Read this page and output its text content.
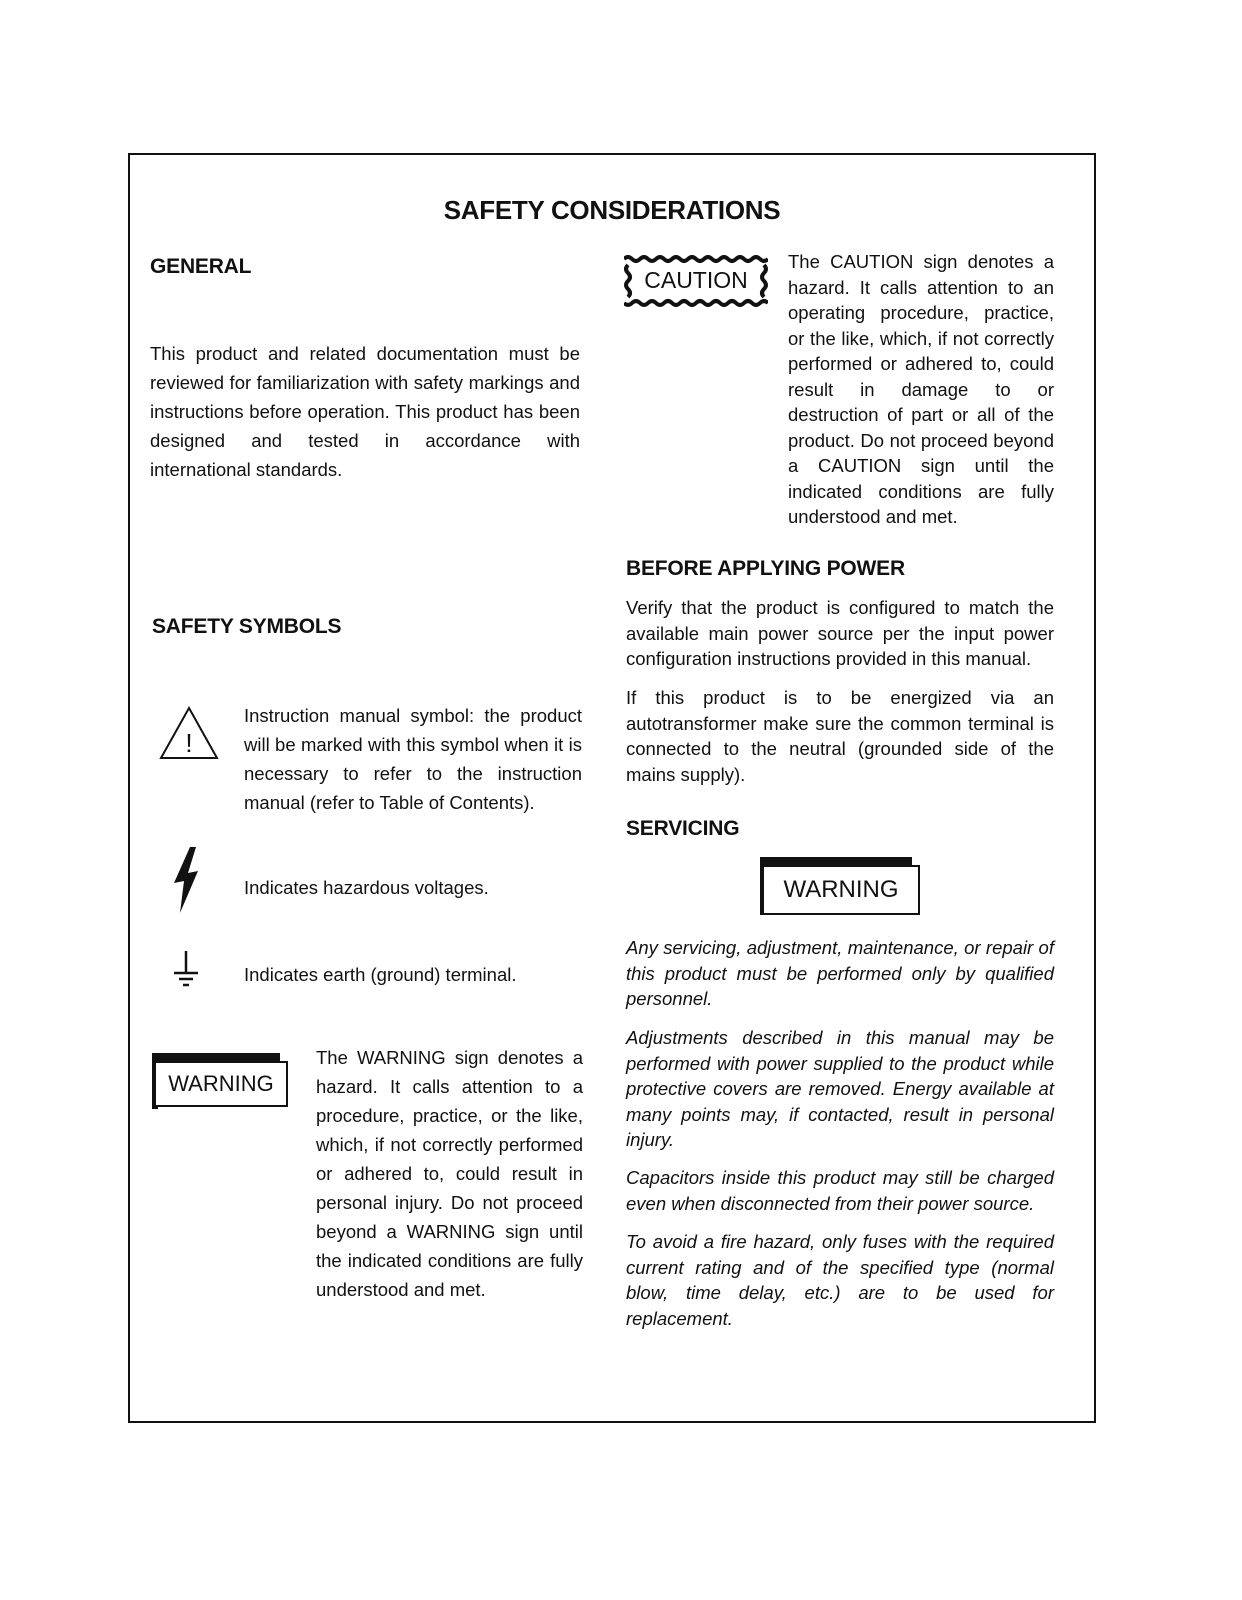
SAFETY CONSIDERATIONS
GENERAL

This product and related documentation must be reviewed for familiarization with safety markings and instructions before operation. This product has been designed and tested in accordance with international standards.

SAFETY SYMBOLS
!

Instruction manual symbol: the product will be marked with this symbol when it is necessary to refer to the instruction manual (refer to Table of Contents).

Indicates hazardous voltages.

Indicates earth (ground) terminal.

WARNING

The WARNING sign denotes a hazard. It calls attention to a procedure, practice, or the like, which, if not correctly performed or adhered to, could result in personal injury. Do not proceed beyond a WARNING sign until the indicated conditions are fully understood and met.

CAUTION

The CAUTION sign denotes a hazard. It calls attention to an operating procedure, practice, or the like, which, if not correctly performed or adhered to, could result in damage to or destruction of part or all of the product. Do not proceed beyond a CAUTION sign until the indicated conditions are fully understood and met.

BEFORE APPLYING POWER

Verify that the product is configured to match the available main power source per the input power configuration instructions provided in this manual.

If this product is to be energized via an autotransformer make sure the common terminal is connected to the neutral (grounded side of the mains supply).

SERVICING
WARNING

Any servicing, adjustment, maintenance, or repair of this product must be performed only by qualified personnel.

Adjustments described in this manual may be performed with power supplied to the product while protective covers are removed. Energy available at many points may, if contacted, result in personal injury.

Capacitors inside this product may still be charged even when disconnected from their power source.

To avoid a fire hazard, only fuses with the required current rating and of the specified type (normal blow, time delay, etc.) are to be used for replacement.
